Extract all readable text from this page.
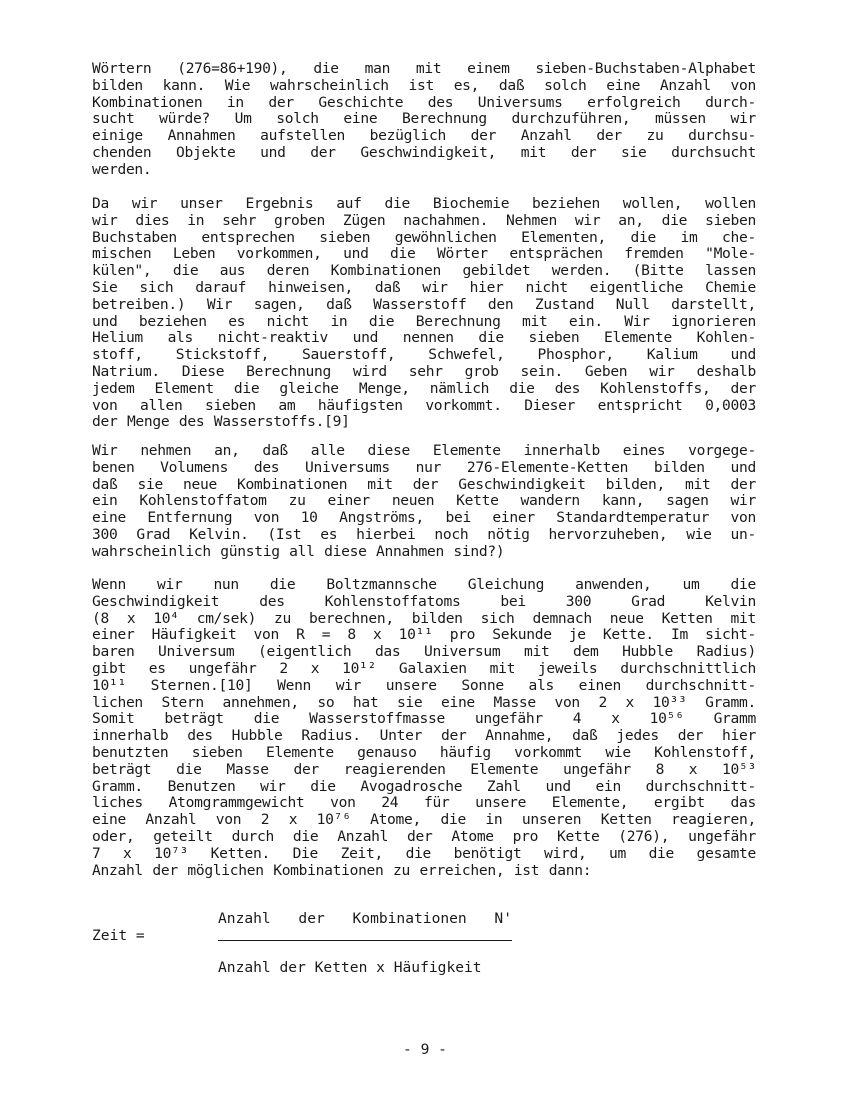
Wörtern (276=86+190), die man mit einem sieben-Buchstaben-Alphabet
bilden kann. Wie wahrscheinlich ist es, daß solch eine Anzahl von
Kombinationen in der Geschichte des Universums erfolgreich durch-
sucht würde? Um solch eine Berechnung durchzuführen, müssen wir
einige Annahmen aufstellen bezüglich der Anzahl der zu durchsu-
chenden Objekte und der Geschwindigkeit, mit der sie durchsucht
werden.
Da wir unser Ergebnis auf die Biochemie beziehen wollen, wollen
wir dies in sehr groben Zügen nachahmen. Nehmen wir an, die sieben
Buchstaben entsprechen sieben gewöhnlichen Elementen, die im che-
mischen Leben vorkommen, und die Wörter entsprächen fremden "Mole-
külen", die aus deren Kombinationen gebildet werden. (Bitte lassen
Sie sich darauf hinweisen, daß wir hier nicht eigentliche Chemie
betreiben.) Wir sagen, daß Wasserstoff den Zustand Null darstellt,
und beziehen es nicht in die Berechnung mit ein. Wir ignorieren
Helium als nicht-reaktiv und nennen die sieben Elemente Kohlen-
stoff, Stickstoff, Sauerstoff, Schwefel, Phosphor, Kalium und
Natrium. Diese Berechnung wird sehr grob sein. Geben wir deshalb
jedem Element die gleiche Menge, nämlich die des Kohlenstoffs, der
von allen sieben am häufigsten vorkommt. Dieser entspricht 0,0003
der Menge des Wasserstoffs.[9]
Wir nehmen an, daß alle diese Elemente innerhalb eines vorgege-
benen Volumens des Universums nur 276-Elemente-Ketten bilden und
daß sie neue Kombinationen mit der Geschwindigkeit bilden, mit der
ein Kohlenstoffatom zu einer neuen Kette wandern kann, sagen wir
eine Entfernung von 10 Angströms, bei einer Standardtemperatur von
300 Grad Kelvin. (Ist es hierbei noch nötig hervorzuheben, wie un-
wahrscheinlich günstig all diese Annahmen sind?)
Wenn wir nun die Boltzmannsche Gleichung anwenden, um die
Geschwindigkeit des Kohlenstoffatoms bei 300 Grad Kelvin
(8 x 10⁴ cm/sek) zu berechnen, bilden sich demnach neue Ketten mit
einer Häufigkeit von R = 8 x 10¹¹ pro Sekunde je Kette. Im sicht-
baren Universum (eigentlich das Universum mit dem Hubble Radius)
gibt es ungefähr 2 x 10¹² Galaxien mit jeweils durchschnittlich
10¹¹ Sternen.[10] Wenn wir unsere Sonne als einen durchschnitt-
lichen Stern annehmen, so hat sie eine Masse von 2 x 10³³ Gramm.
Somit beträgt die Wasserstoffmasse ungefähr 4 x 10⁵⁶ Gramm
innerhalb des Hubble Radius. Unter der Annahme, daß jedes der hier
benutzten sieben Elemente genauso häufig vorkommt wie Kohlenstoff,
beträgt die Masse der reagierenden Elemente ungefähr 8 x 10⁵³
Gramm. Benutzen wir die Avogadrosche Zahl und ein durchschnitt-
liches Atomgrammgewicht von 24 für unsere Elemente, ergibt das
eine Anzahl von 2 x 10⁷⁶ Atome, die in unseren Ketten reagieren,
oder, geteilt durch die Anzahl der Atome pro Kette (276), ungefähr
7 x 10⁷³ Ketten. Die Zeit, die benötigt wird, um die gesamte
Anzahl der möglichen Kombinationen zu erreichen, ist dann:
Zeit =
Anzahl der Kombinationen N'
Anzahl der Ketten x Häufigkeit
- 9 -
